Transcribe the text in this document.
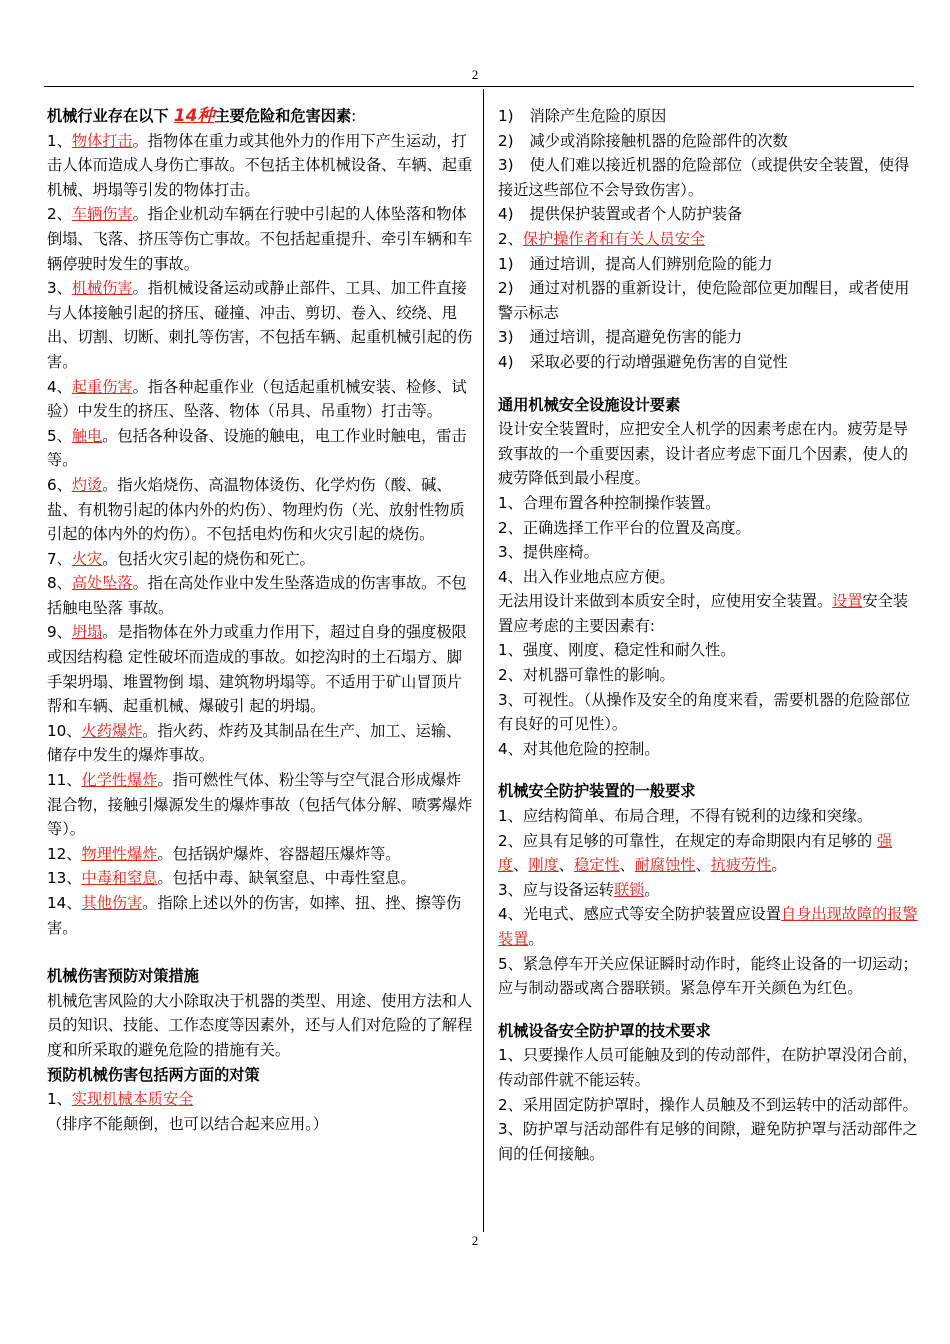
2

机械行业存在以下 14种主要危险和危害因素:

1、物体打击。指物体在重力或其他外力的作用下产生运动，打击人体而造成人身伤亡事故。不包括主体机械设备、车辆、起重机械、坍塌等引发的物体打击。

2、车辆伤害。指企业机动车辆在行驶中引起的人体坠落和物体倒塌、飞落、挤压等伤亡事故。不包括起重提升、牵引车辆和车辆停驶时发生的事故。

3、机械伤害。指机械设备运动或静止部件、工具、加工件直接与人体接触引起的挤压、碰撞、冲击、剪切、卷入、绞绕、甩出、切割、切断、刺扎等伤害，不包括车辆、起重机械引起的伤害。

4、起重伤害。指各种起重作业（包适起重机械安装、检修、试验）中发生的挤压、坠落、物体（吊具、吊重物）打击等。

5、触电。包括各种设备、设施的触电，电工作业时触电，雷击等。

6、灼烫。指火焰烧伤、高温物体烫伤、化学灼伤（酸、碱、盐、有机物引起的体内外的灼伤）、物理灼伤（光、放射性物质引起的体内外的灼伤）。不包括电灼伤和火灾引起的烧伤。

7、火灾。包括火灾引起的烧伤和死亡。

8、高处坠落。指在高处作业中发生坠落造成的伤害事故。不包括触电坠落 事故。

9、坍塌。是指物体在外力或重力作用下，超过自身的强度极限或因结构稳 定性破坏而造成的事故。如挖沟时的土石塌方、脚手架坍塌、堆置物倒 塌、建筑物坍塌等。不适用于矿山冒顶片帮和车辆、起重机械、爆破引 起的坍塌。

10、火药爆炸。指火药、炸药及其制品在生产、加工、运输、储存中发生的爆炸事故。

11、化学性爆炸。指可燃性气体、粉尘等与空气混合形成爆炸混合物，接触引爆源发生的爆炸事故（包括气体分解、喷雾爆炸等）。

12、物理性爆炸。包括锅炉爆炸、容器超压爆炸等。

13、中毒和窒息。包括中毒、缺氧窒息、中毒性窒息。

14、其他伤害。指除上述以外的伤害，如摔、扭、挫、擦等伤害。

机械伤害预防对策措施

机械危害风险的大小除取决于机器的类型、用途、使用方法和人员的知识、技能、工作态度等因素外，还与人们对危险的了解程度和所采取的避免危险的措施有关。

预防机械伤害包括两方面的对策

1、实现机械本质安全（排序不能颠倒，也可以结合起来应用。）

1) 消除产生危险的原因

2) 减少或消除接触机器的危险部件的次数

3) 使人们难以接近机器的危险部位（或提供安全装置，使得接近这些部位不会导致伤害）。

4) 提供保护装置或者个人防护装备

2、保护操作者和有关人员安全

1) 通过培训，提高人们辨别危险的能力

2) 通过对机器的重新设计，使危险部位更加醒目，或者使用警示标志

3) 通过培训，提高避免伤害的能力

4) 采取必要的行动增强避免伤害的自觉性

通用机械安全设施设计要素

设计安全装置时，应把安全人机学的因素考虑在内。疲劳是导致事故的一个重要因素，设计者应考虑下面几个因素，使人的疲劳降低到最小程度。

1、合理布置各种控制操作装置。

2、正确选择工作平台的位置及高度。

3、提供座椅。

4、出入作业地点应方便。

无法用设计来做到本质安全时，应使用安全装置。设置安全装置应考虑的主要因素有:

1、强度、刚度、稳定性和耐久性。

2、对机器可靠性的影响。

3、可视性。（从操作及安全的角度来看，需要机器的危险部位有良好的可见性）。

4、对其他危险的控制。

机械安全防护装置的一般要求

1、应结构简单、布局合理，不得有锐利的边缘和突缘。

2、应具有足够的可靠性，在规定的寿命期限内有足够的 强度、刚度、稳定性、耐腐蚀性、抗疲劳性。

3、应与设备运转联锁。

4、光电式、感应式等安全防护装置应设置自身出现故障的报警装置。

5、紧急停车开关应保证瞬时动作时，能终止设备的一切运动；应与制动器或离合器联锁。紧急停车开关颜色为红色。

机械设备安全防护罩的技术要求

1、只要操作人员可能触及到的传动部件，在防护罩没闭合前，传动部件就不能运转。

2、采用固定防护罩时，操作人员触及不到运转中的活动部件。

3、防护罩与活动部件有足够的间隙，避免防护罩与活动部件之间的任何接触。

2
